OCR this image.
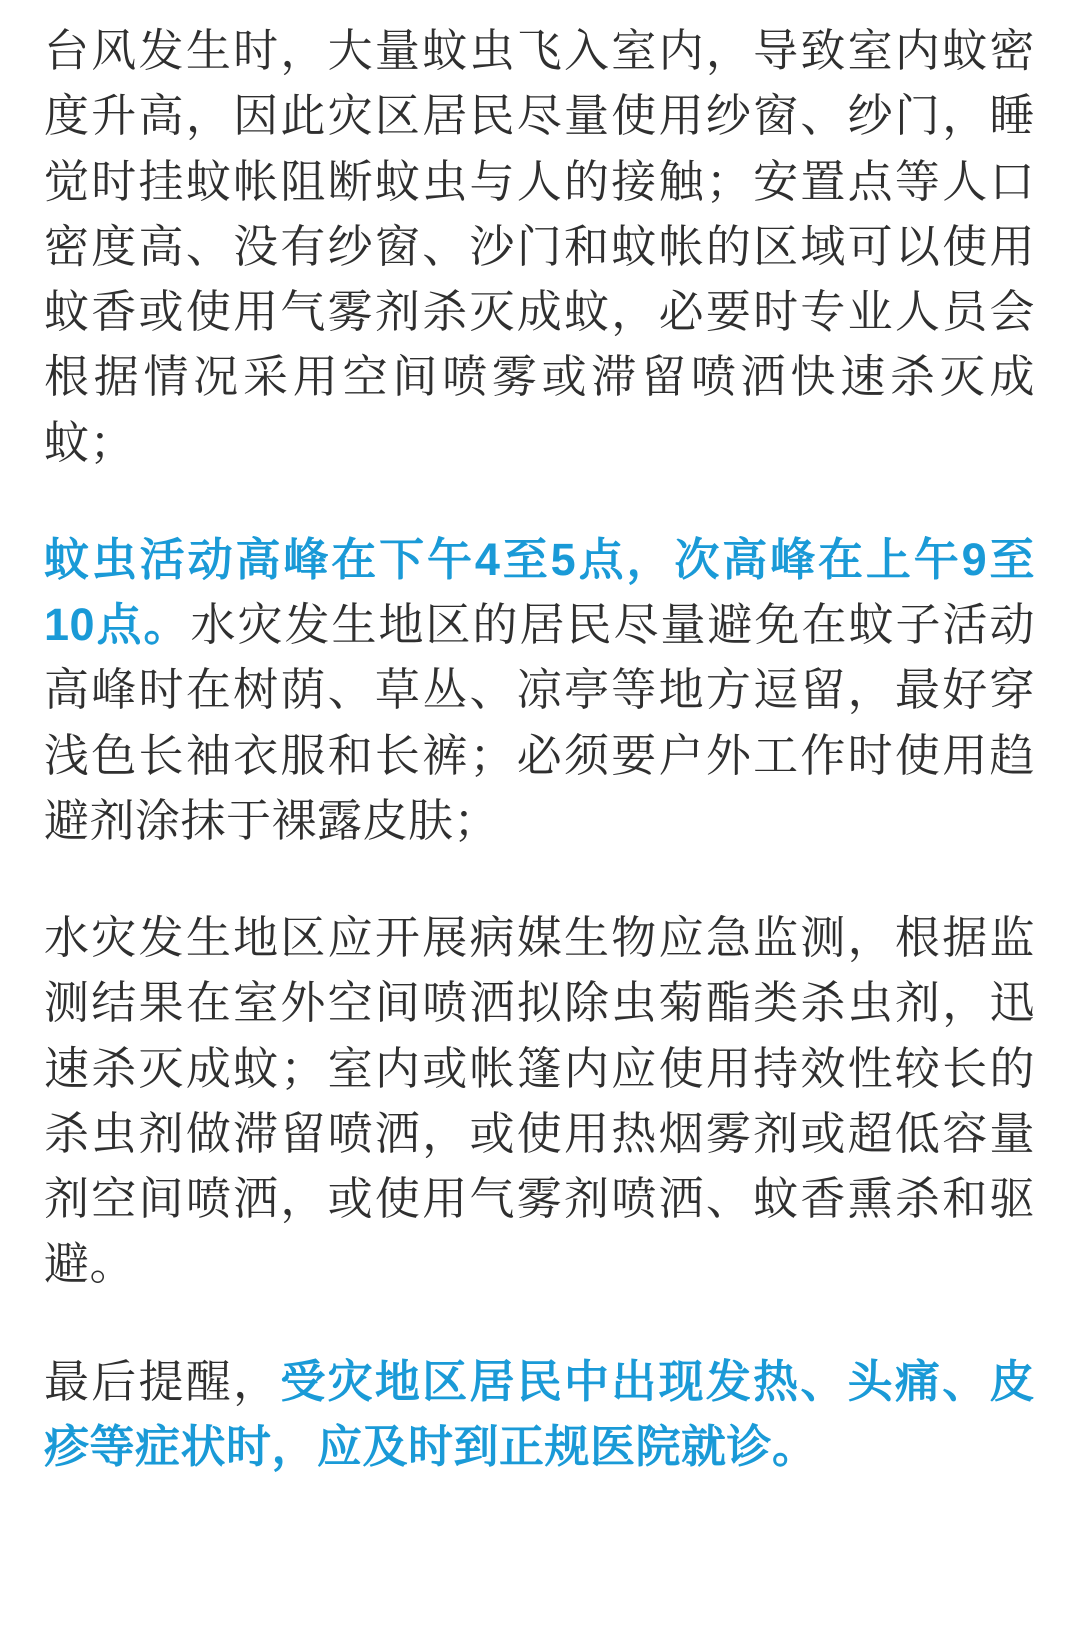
台风发生时，大量蚊虫飞入室内，导致室内蚊密度升高，因此灾区居民尽量使用纱窗、纱门，睡觉时挂蚊帐阻断蚊虫与人的接触；安置点等人口密度高、没有纱窗、沙门和蚊帐的区域可以使用蚊香或使用气雾剂杀灭成蚊，必要时专业人员会根据情况采用空间喷雾或滞留喷洒快速杀灭成蚊；

蚊虫活动高峰在下午4至5点，次高峰在上午9至10点。水灾发生地区的居民尽量避免在蚊子活动高峰时在树荫、草丛、凉亭等地方逗留，最好穿浅色长袖衣服和长裤；必须要户外工作时使用趋避剂涂抹于裸露皮肤；

水灾发生地区应开展病媒生物应急监测，根据监测结果在室外空间喷洒拟除虫菊酯类杀虫剂，迅速杀灭成蚊；室内或帐篷内应使用持效性较长的杀虫剂做滞留喷洒，或使用热烟雾剂或超低容量剂空间喷洒，或使用气雾剂喷洒、蚊香熏杀和驱避。

最后提醒，受灾地区居民中出现发热、头痛、皮疹等症状时，应及时到正规医院就诊。
